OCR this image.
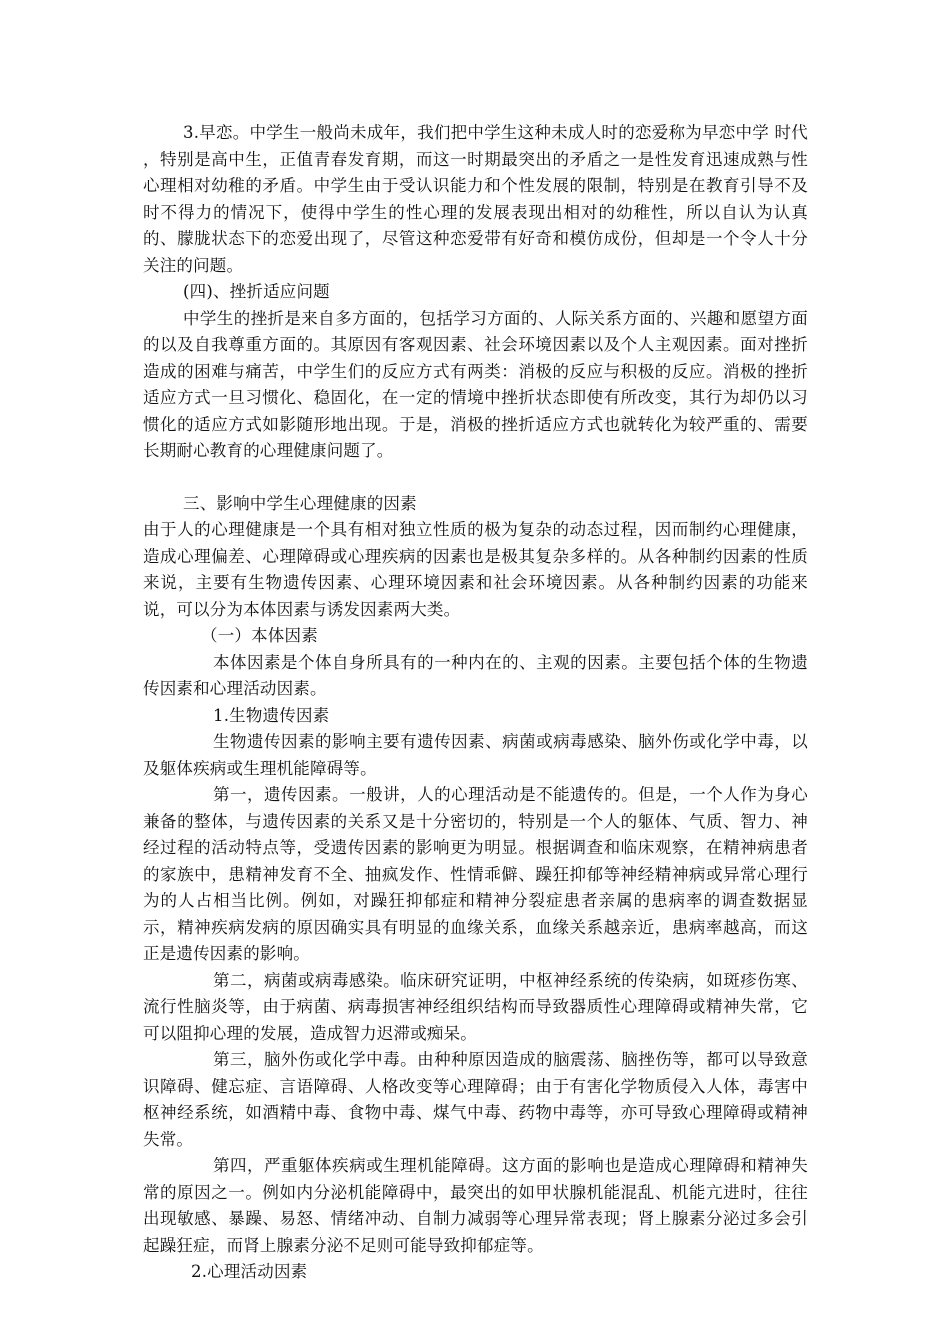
3.早恋。中学生一般尚未成年，我们把中学生这种未成人时的恋爱称为早恋中学 时代 ，特别是高中生，正值青春发育期，而这一时期最突出的矛盾之一是性发育迅速成熟与性心理相对幼稚的矛盾。中学生由于受认识能力和个性发展的限制，特别是在教育引导不及时不得力的情况下，使得中学生的性心理的发展表现出相对的幼稚性，所以自认为认真的、朦胧状态下的恋爱出现了，尽管这种恋爱带有好奇和模仿成份，但却是一个令人十分关注的问题。

(四)、挫折适应问题

中学生的挫折是来自多方面的，包括学习方面的、人际关系方面的、兴趣和愿望方面的以及自我尊重方面的。其原因有客观因素、社会环境因素以及个人主观因素。面对挫折造成的困难与痛苦，中学生们的反应方式有两类：消极的反应与积极的反应。消极的挫折适应方式一旦习惯化、稳固化，在一定的情境中挫折状态即使有所改变，其行为却仍以习惯化的适应方式如影随形地出现。于是，消极的挫折适应方式也就转化为较严重的、需要长期耐心教育的心理健康问题了。

三、影响中学生心理健康的因素

由于人的心理健康是一个具有相对独立性质的极为复杂的动态过程，因而制约心理健康，造成心理偏差、心理障碍或心理疾病的因素也是极其复杂多样的。从各种制约因素的性质来说，主要有生物遗传因素、心理环境因素和社会环境因素。从各种制约因素的功能来说，可以分为本体因素与诱发因素两大类。

（一）本体因素

本体因素是个体自身所具有的一种内在的、主观的因素。主要包括个体的生物遗传因素和心理活动因素。

1.生物遗传因素

生物遗传因素的影响主要有遗传因素、病菌或病毒感染、脑外伤或化学中毒，以及躯体疾病或生理机能障碍等。

第一，遗传因素。一般讲，人的心理活动是不能遗传的。但是，一个人作为身心兼备的整体，与遗传因素的关系又是十分密切的，特别是一个人的躯体、气质、智力、神经过程的活动特点等，受遗传因素的影响更为明显。根据调查和临床观察，在精神病患者的家族中，患精神发育不全、抽疯发作、性情乖僻、躁狂抑郁等神经精神病或异常心理行为的人占相当比例。例如，对躁狂抑郁症和精神分裂症患者亲属的患病率的调查数据显示，精神疾病发病的原因确实具有明显的血缘关系，血缘关系越亲近，患病率越高，而这正是遗传因素的影响。

第二，病菌或病毒感染。临床研究证明，中枢神经系统的传染病，如斑疹伤寒、流行性脑炎等，由于病菌、病毒损害神经组织结构而导致器质性心理障碍或精神失常，它可以阻抑心理的发展，造成智力迟滞或痴呆。

第三，脑外伤或化学中毒。由种种原因造成的脑震荡、脑挫伤等，都可以导致意识障碍、健忘症、言语障碍、人格改变等心理障碍；由于有害化学物质侵入人体，毒害中枢神经系统，如酒精中毒、食物中毒、煤气中毒、药物中毒等，亦可导致心理障碍或精神失常。

第四，严重躯体疾病或生理机能障碍。这方面的影响也是造成心理障碍和精神失常的原因之一。例如内分泌机能障碍中，最突出的如甲状腺机能混乱、机能亢进时，往往出现敏感、暴躁、易怒、情绪冲动、自制力减弱等心理异常表现；肾上腺素分泌过多会引起躁狂症，而肾上腺素分泌不足则可能导致抑郁症等。

2.心理活动因素
